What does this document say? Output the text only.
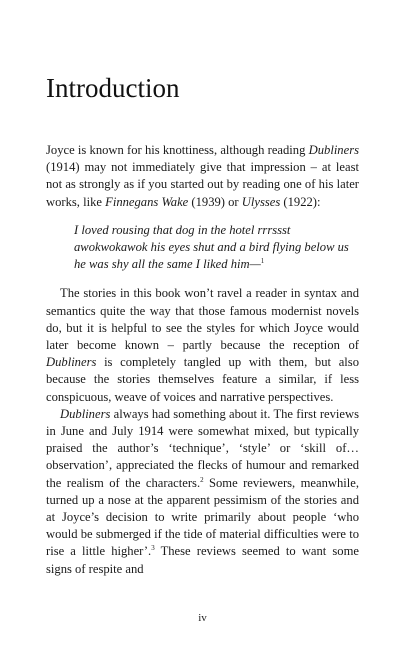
Introduction

Joyce is known for his knottiness, although reading Dubliners (1914) may not immediately give that impression – at least not as strongly as if you started out by reading one of his later works, like Finnegans Wake (1939) or Ulysses (1922):

I loved rousing that dog in the hotel rrrssst awokwokawok his eyes shut and a bird flying below us he was shy all the same I liked him—$^1$

The stories in this book won’t ravel a reader in syntax and semantics quite the way that those famous modernist novels do, but it is helpful to see the styles for which Joyce would later become known – partly because the reception of Dubliners is completely tangled up with them, but also because the stories themselves feature a similar, if less conspicuous, weave of voices and narrative perspectives.

Dubliners always had something about it. The first reviews in June and July 1914 were somewhat mixed, but typically praised the author’s ‘technique’, ‘style’ or ‘skill of…observation’, appreciated the flecks of humour and remarked the realism of the characters.$^2$ Some reviewers, meanwhile, turned up a nose at the apparent pessimism of the stories and at Joyce’s decision to write primarily about people ‘who would be submerged if the tide of material difficulties were to rise a little higher’.$^3$ These reviews seemed to want some signs of respite and

iv
